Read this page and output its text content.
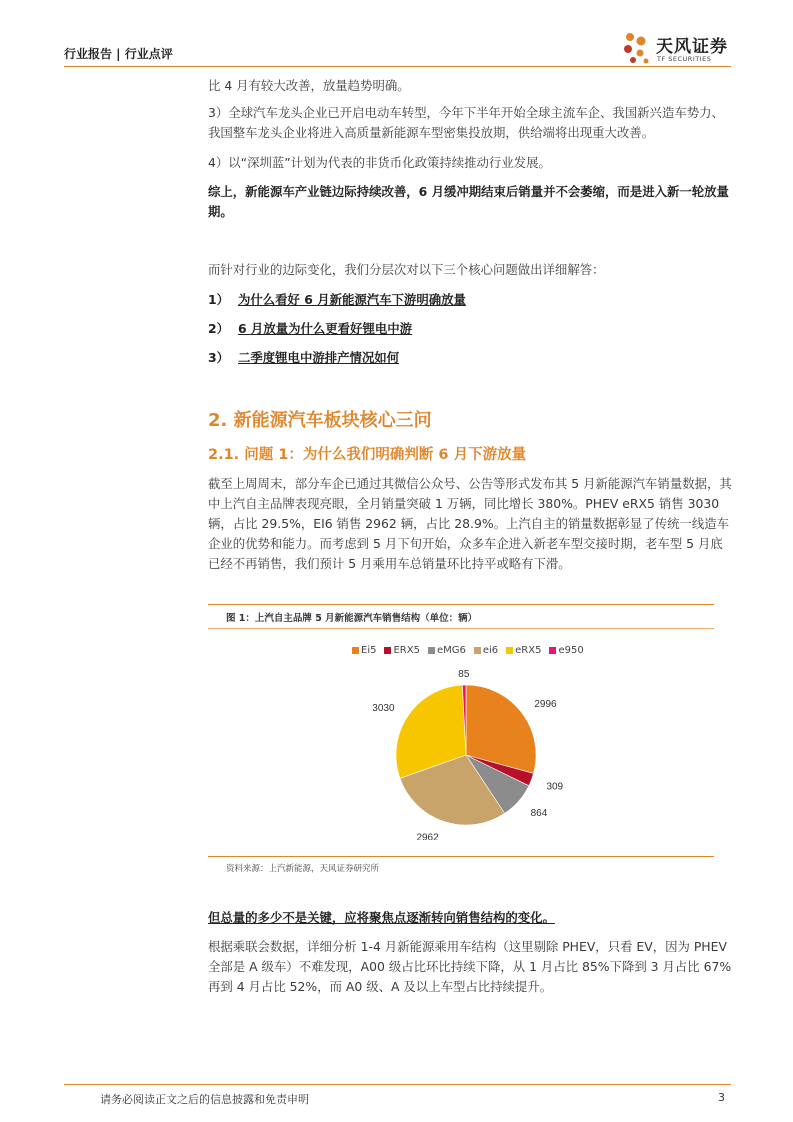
行业报告 | 行业点评	天风证券
TF SECURITIES
比 4 月有较大改善，放量趋势明确。
3）全球汽车龙头企业已开启电动车转型，今年下半年开始全球主流车企、我国新兴造车势力、我国整车龙头企业将进入高质量新能源车型密集投放期，供给端将出现重大改善。
4）以“深圳蓝”计划为代表的非货币化政策持续推动行业发展。
综上，新能源车产业链边际持续改善，6 月缓冲期结束后销量并不会萎缩，而是进入新一轮放量期。
而针对行业的边际变化，我们分层次对以下三个核心问题做出详细解答：
1） 为什么看好 6 月新能源汽车下游明确放量
2） 6 月放量为什么更看好锂电中游
3） 二季度锂电中游排产情况如何
2. 新能源汽车板块核心三问
2.1. 问题 1：为什么我们明确判断 6 月下游放量
截至上周周末，部分车企已通过其微信公众号、公告等形式发布其 5 月新能源汽车销量数据，其中上汽自主品牌表现亮眼，全月销量突破 1 万辆，同比增长 380%。PHEV eRX5 销售 3030 辆，占比 29.5%，EI6 销售 2962 辆，占比 28.9%。上汽自主的销量数据彰显了传统一线造车企业的优势和能力。而考虑到 5 月下旬开始，众多车企进入新老车型交接时期，老车型 5 月底已经不再销售，我们预计 5 月乘用车总销量环比持平或略有下滑。
图 1：上汽自主品牌 5 月新能源汽车销售结构（单位：辆）
Ei5 ERX5 eMG6 ei6 eRX5 e950
2996
309
864
2962
3030
85
资料来源：上汽新能源，天风证券研究所
但总量的多少不是关键，应将聚焦点逐渐转向销售结构的变化。
根据乘联会数据，详细分析 1-4 月新能源乘用车结构（这里剔除 PHEV，只看 EV，因为 PHEV 全部是 A 级车）不难发现，A00 级占比环比持续下降，从 1 月占比 85%下降到 3 月占比 67%再到 4 月占比 52%，而 A0 级、A 及以上车型占比持续提升。
请务必阅读正文之后的信息披露和免责申明	3
